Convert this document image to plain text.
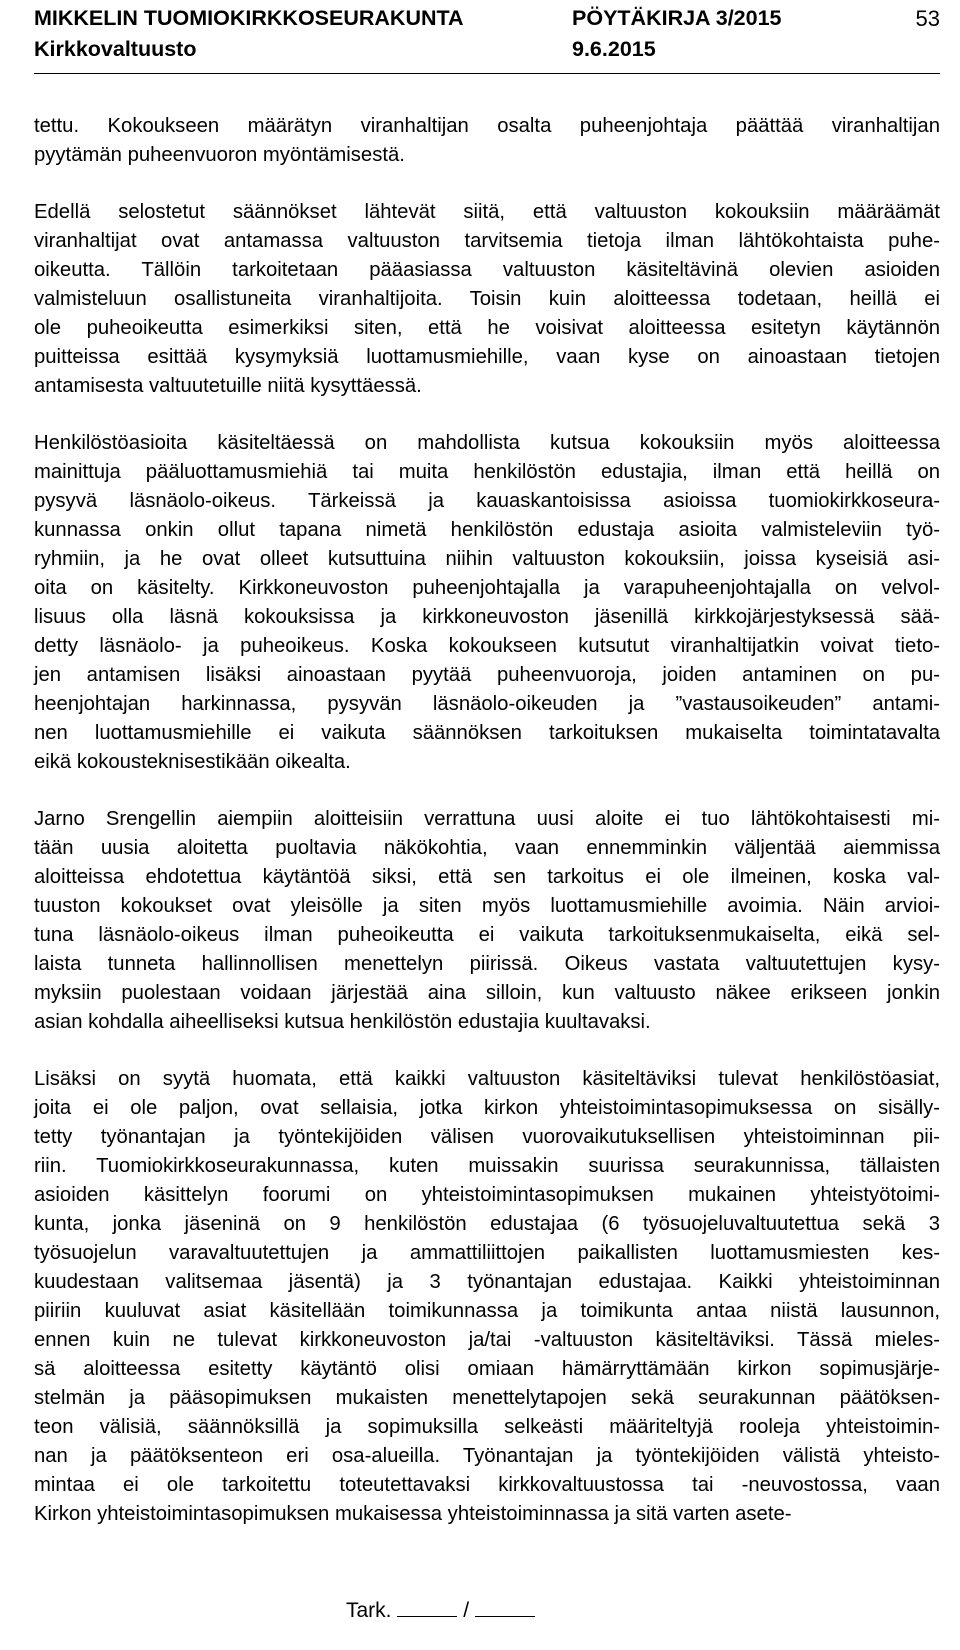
MIKKELIN TUOMIOKIRKKOSEURAKUNTA	PÖYTÄKIRJA 3/2015	53
Kirkkovaltuusto	9.6.2015
tettu. Kokoukseen määrätyn viranhaltijan osalta puheenjohtaja päättää viranhaltijan
pyytämän puheenvuoron myöntämisestä.
Edellä selostetut säännökset lähtevät siitä, että valtuuston kokouksiin määräämät
viranhaltijat ovat antamassa valtuuston tarvitsemia tietoja ilman lähtökohtaista puhe-
oikeutta. Tällöin tarkoitetaan pääasiassa valtuuston käsiteltävinä olevien asioiden
valmisteluun osallistuneita viranhaltijoita. Toisin kuin aloitteessa todetaan, heillä ei
ole puheoikeutta esimerkiksi siten, että he voisivat aloitteessa esitetyn käytännön
puitteissa esittää kysymyksiä luottamusmiehille, vaan kyse on ainoastaan tietojen
antamisesta valtuutetuille niitä kysyttäessä.
Henkilöstöasioita käsiteltäessä on mahdollista kutsua kokouksiin myös aloitteessa
mainittuja pääluottamusmiehiä tai muita henkilöstön edustajia, ilman että heillä on
pysyvä läsnäolo-oikeus. Tärkeissä ja kauaskantoisissa asioissa tuomiokirkkoseura-
kunnassa onkin ollut tapana nimetä henkilöstön edustaja asioita valmisteleviin työ-
ryhmiin, ja he ovat olleet kutsuttuina niihin valtuuston kokouksiin, joissa kyseisiä asi-
oita on käsitelty. Kirkkoneuvoston puheenjohtajalla ja varapuheenjohtajalla on velvol-
lisuus olla läsnä kokouksissa ja kirkkoneuvoston jäsenillä kirkkojärjestyksessä sää-
detty läsnäolo- ja puheoikeus. Koska kokoukseen kutsutut viranhaltijatkin voivat tieto-
jen antamisen lisäksi ainoastaan pyytää puheenvuoroja, joiden antaminen on pu-
heenjohtajan harkinnassa, pysyvän läsnäolo-oikeuden ja ”vastausoikeuden” antami-
nen luottamusmiehille ei vaikuta säännöksen tarkoituksen mukaiselta toimintatavalta
eikä kokousteknisestikään oikealta.
Jarno Srengellin aiempiin aloitteisiin verrattuna uusi aloite ei tuo lähtökohtaisesti mi-
tään uusia aloitetta puoltavia näkökohtia, vaan ennemminkin väljentää aiemmissa
aloitteissa ehdotettua käytäntöä siksi, että sen tarkoitus ei ole ilmeinen, koska val-
tuuston kokoukset ovat yleisölle ja siten myös luottamusmiehille avoimia. Näin arvioi-
tuna läsnäolo-oikeus ilman puheoikeutta ei vaikuta tarkoituksenmukaiselta, eikä sel-
laista tunneta hallinnollisen menettelyn piirissä. Oikeus vastata valtuutettujen kysy-
myksiin puolestaan voidaan järjestää aina silloin, kun valtuusto näkee erikseen jonkin
asian kohdalla aiheelliseksi kutsua henkilöstön edustajia kuultavaksi.
Lisäksi on syytä huomata, että kaikki valtuuston käsiteltäviksi tulevat henkilöstöasiat,
joita ei ole paljon, ovat sellaisia, jotka kirkon yhteistoimintasopimuksessa on sisälly-
tetty työnantajan ja työntekijöiden välisen vuorovaikutuksellisen yhteistoiminnan pii-
riin. Tuomiokirkkoseurakunnassa, kuten muissakin suurissa seurakunnissa, tällaisten
asioiden käsittelyn foorumi on yhteistoimintasopimuksen mukainen yhteistyötoimi-
kunta, jonka jäseninä on 9 henkilöstön edustajaa (6 työsuojeluvaltuutettua sekä 3
työsuojelun varavaltuutettujen ja ammattiliittojen paikallisten luottamusmiesten kes-
kuudestaan valitsemaa jäsentä) ja 3 työnantajan edustajaa. Kaikki yhteistoiminnan
piiriin kuuluvat asiat käsitellään toimikunnassa ja toimikunta antaa niistä lausunnon,
ennen kuin ne tulevat kirkkoneuvoston ja/tai -valtuuston käsiteltäviksi. Tässä mieles-
sä aloitteessa esitetty käytäntö olisi omiaan hämärryttämään kirkon sopimusjärje-
stelmän ja pääsopimuksen mukaisten menettelytapojen sekä seurakunnan päätöksen-
teon välisiä, säännöksillä ja sopimuksilla selkeästi määriteltyjä rooleja yhteistoimin-
nan ja päätöksenteon eri osa-alueilla. Työnantajan ja työntekijöiden välistä yhteisto-
mintaa ei ole tarkoitettu toteutettavaksi kirkkovaltuustossa tai -neuvostossa, vaan
Kirkon yhteistoimintasopimuksen mukaisessa yhteistoiminnassa ja sitä varten asete-
Tark.	/
